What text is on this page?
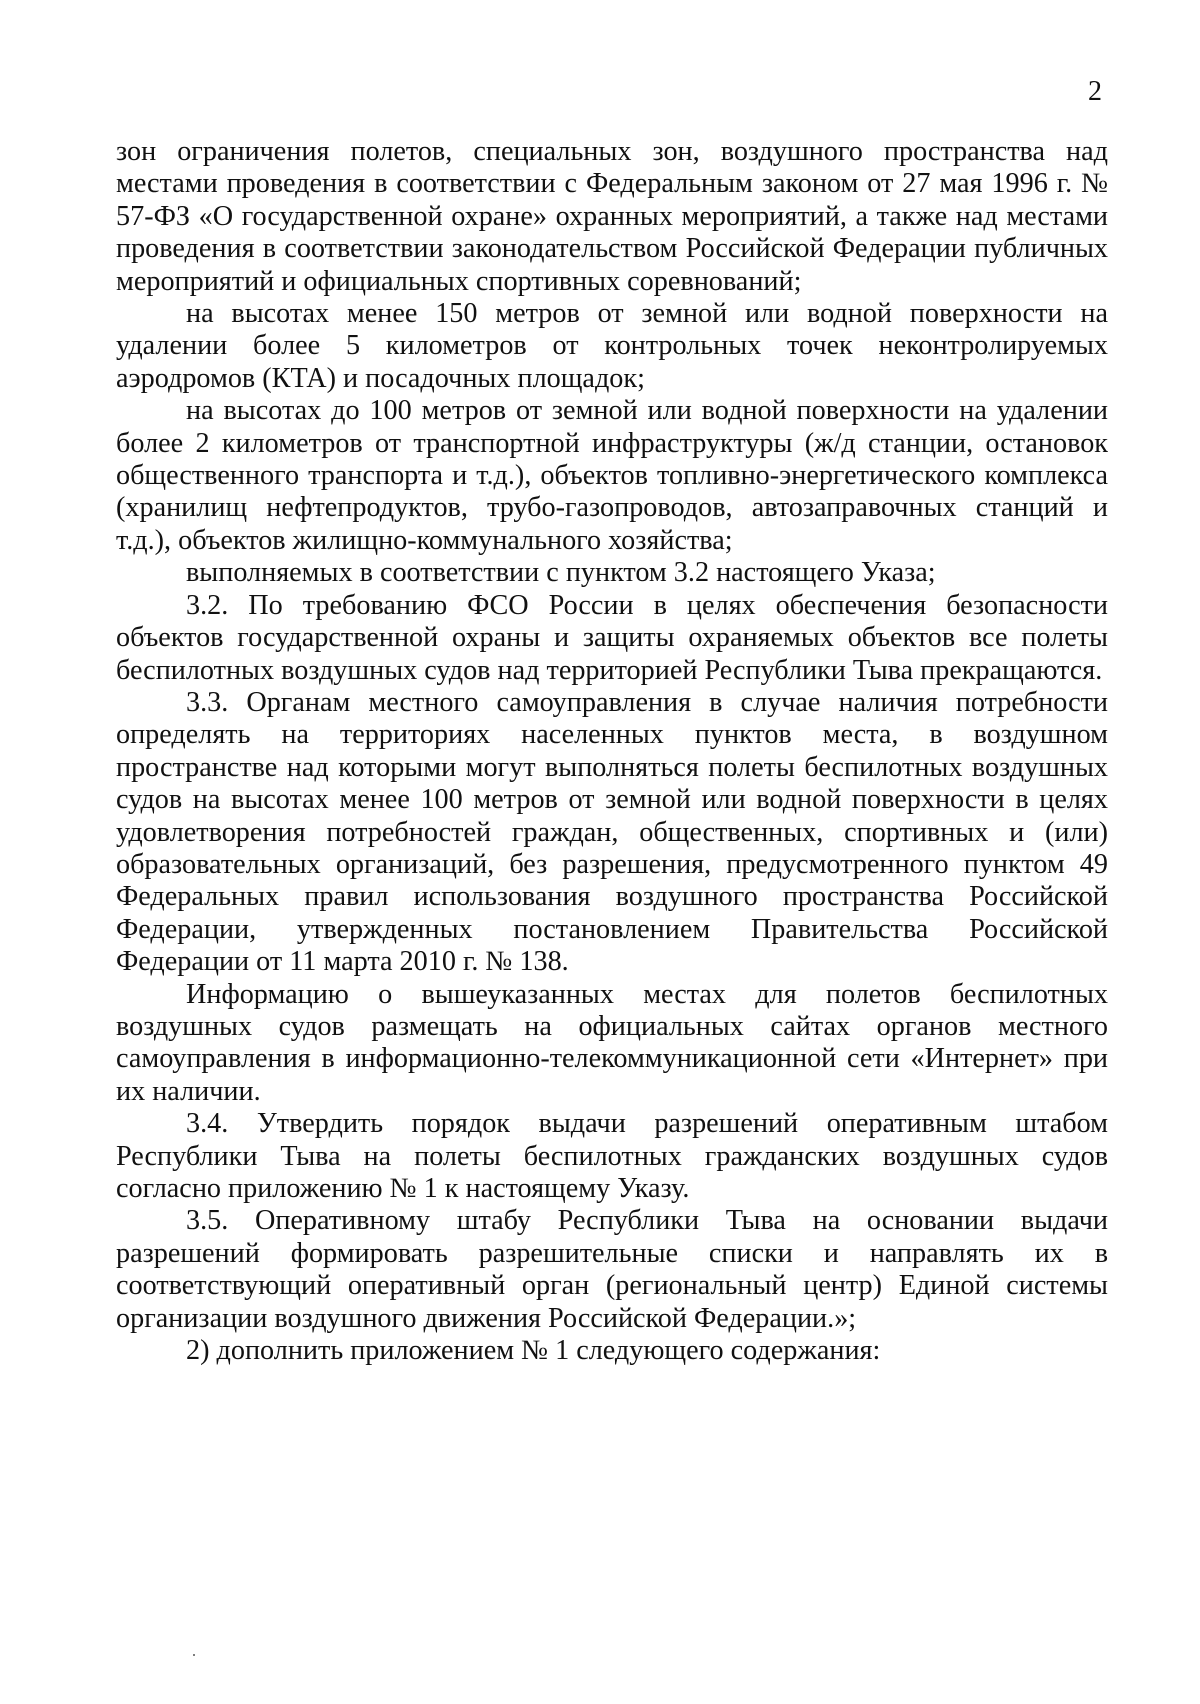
2

зон ограничения полетов, специальных зон, воздушного пространства над местами проведения в соответствии с Федеральным законом от 27 мая 1996 г. № 57-ФЗ «О государственной охране» охранных мероприятий, а также над местами проведения в соответствии законодательством Российской Федерации публичных мероприятий и официальных спортивных соревнований;

на высотах менее 150 метров от земной или водной поверхности на удалении более 5 километров от контрольных точек неконтролируемых аэродромов (КТА) и посадочных площадок;

на высотах до 100 метров от земной или водной поверхности на удалении более 2 километров от транспортной инфраструктуры (ж/д станции, остановок общественного транспорта и т.д.), объектов топливно-энергетического комплекса (хранилищ нефтепродуктов, трубо-газопроводов, автозаправочных станций и т.д.), объектов жилищно-коммунального хозяйства;

выполняемых в соответствии с пунктом 3.2 настоящего Указа;

3.2. По требованию ФСО России в целях обеспечения безопасности объектов государственной охраны и защиты охраняемых объектов все полеты беспилотных воздушных судов над территорией Республики Тыва прекращаются.

3.3. Органам местного самоуправления в случае наличия потребности определять на территориях населенных пунктов места, в воздушном пространстве над которыми могут выполняться полеты беспилотных воздушных судов на высотах менее 100 метров от земной или водной поверхности в целях удовлетворения потребностей граждан, общественных, спортивных и (или) образовательных организаций, без разрешения, предусмотренного пунктом 49 Федеральных правил использования воздушного пространства Российской Федерации, утвержденных постановлением Правительства Российской Федерации от 11 марта 2010 г. № 138.

Информацию о вышеуказанных местах для полетов беспилотных воздушных судов размещать на официальных сайтах органов местного самоуправления в информационно-телекоммуникационной сети «Интернет» при их наличии.

3.4. Утвердить порядок выдачи разрешений оперативным штабом Республики Тыва на полеты беспилотных гражданских воздушных судов согласно приложению № 1 к настоящему Указу.

3.5. Оперативному штабу Республики Тыва на основании выдачи разрешений формировать разрешительные списки и направлять их в соответствующий оперативный орган (региональный центр) Единой системы организации воздушного движения Российской Федерации.»;

2) дополнить приложением № 1 следующего содержания:
